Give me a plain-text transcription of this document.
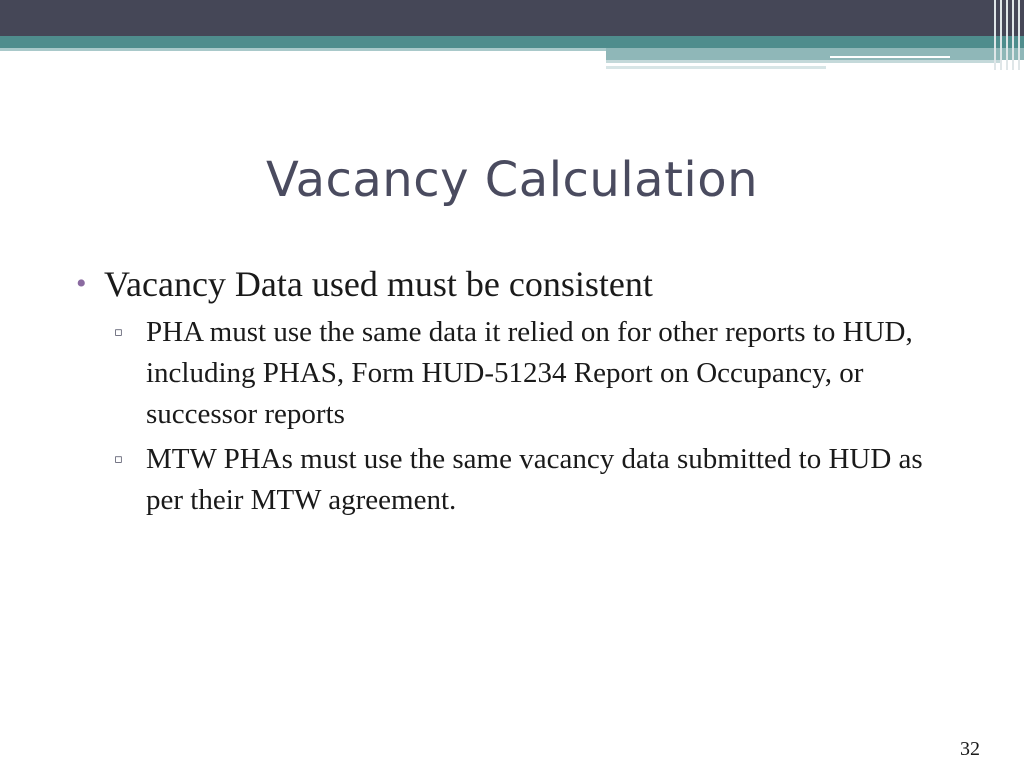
Vacancy Calculation
• Vacancy Data used must be consistent
▫ PHA must use the same data it relied on for other reports to HUD, including PHAS, Form HUD-51234 Report on Occupancy, or successor reports
▫ MTW PHAs must use the same vacancy data submitted to HUD as per their MTW agreement.
32
